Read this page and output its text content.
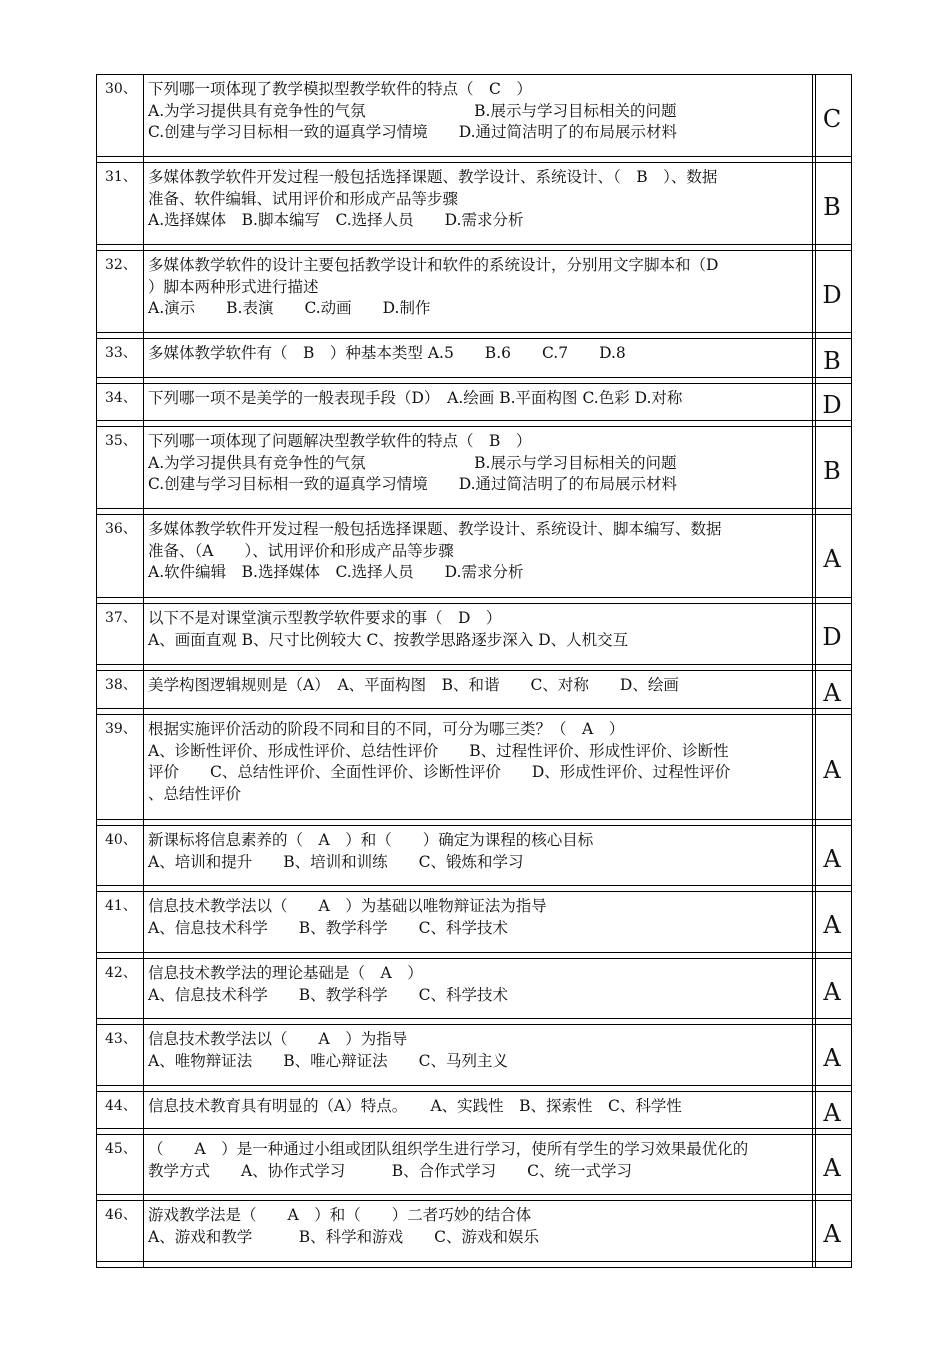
30、 下列哪一项体现了教学模拟型教学软件的特点（　C　）

A.为学习提供具有竞争性的气氛　　　　　　　B.展示与学习目标相关的问题

C.创建与学习目标相一致的逼真学习情境　　D.通过简洁明了的布局展示材料	C
31、 多媒体教学软件开发过程一般包括选择课题、教学设计、系统设计、（　B　）、数据

准备、软件编辑、试用评价和形成产品等步骤

A.选择媒体　B.脚本编写　C.选择人员　　D.需求分析	B
32、 多媒体教学软件的设计主要包括教学设计和软件的系统设计，分别用文字脚本和（D

）脚本两种形式进行描述

A.演示　　B.表演　　C.动画　　D.制作	D
33、 多媒体教学软件有（　B　）种基本类型 A.5　　B.6　　C.7　　D.8	B
34、 下列哪一项不是美学的一般表现手段（D）　A.绘画 B.平面构图 C.色彩 D.对称	D
35、 下列哪一项体现了问题解决型教学软件的特点（　B　）

A.为学习提供具有竞争性的气氛　　　　　　　B.展示与学习目标相关的问题

C.创建与学习目标相一致的逼真学习情境　　D.通过简洁明了的布局展示材料	B
36、 多媒体教学软件开发过程一般包括选择课题、教学设计、系统设计、脚本编写、数据

准备、（A　　）、试用评价和形成产品等步骤

A.软件编辑　B.选择媒体　C.选择人员　　D.需求分析	A
37、 以下不是对课堂演示型教学软件要求的事（　D　）

A、画面直观 B、尺寸比例较大 C、按教学思路逐步深入 D、人机交互	D
38、 美学构图逻辑规则是（A）　A、平面构图　B、和谐　　C、对称　　D、绘画	A
39、 根据实施评价活动的阶段不同和目的不同，可分为哪三类？（　A　）

A、诊断性评价、形成性评价、总结性评价　　B、过程性评价、形成性评价、诊断性

评价　　C、总结性评价、全面性评价、诊断性评价　　D、形成性评价、过程性评价

、总结性评价

A
40、 新课标将信息素养的（　A　）和（　　）确定为课程的核心目标

A、培训和提升　　B、培训和训练　　C、锻炼和学习	A
41、 信息技术教学法以（　　A　）为基础以唯物辩证法为指导

A、信息技术科学　　B、教学科学　　C、科学技术	A
42、 信息技术教学法的理论基础是（　A　）

A、信息技术科学　　B、教学科学　　C、科学技术	A
43、 信息技术教学法以（　　A　）为指导

A、唯物辩证法　　B、唯心辩证法　　C、马列主义	A
44、 信息技术教育具有明显的（A）特点。　　A、实践性　B、探索性　C、科学性	A
45、 （　　A　）是一种通过小组或团队组织学生进行学习，使所有学生的学习效果最优化的

教学方式　　A、协作式学习　　　B、合作式学习　　C、统一式学习	A
46、 游戏教学法是（　　A　）和（　　）二者巧妙的结合体

A、游戏和教学　　　B、科学和游戏　　C、游戏和娱乐	A
